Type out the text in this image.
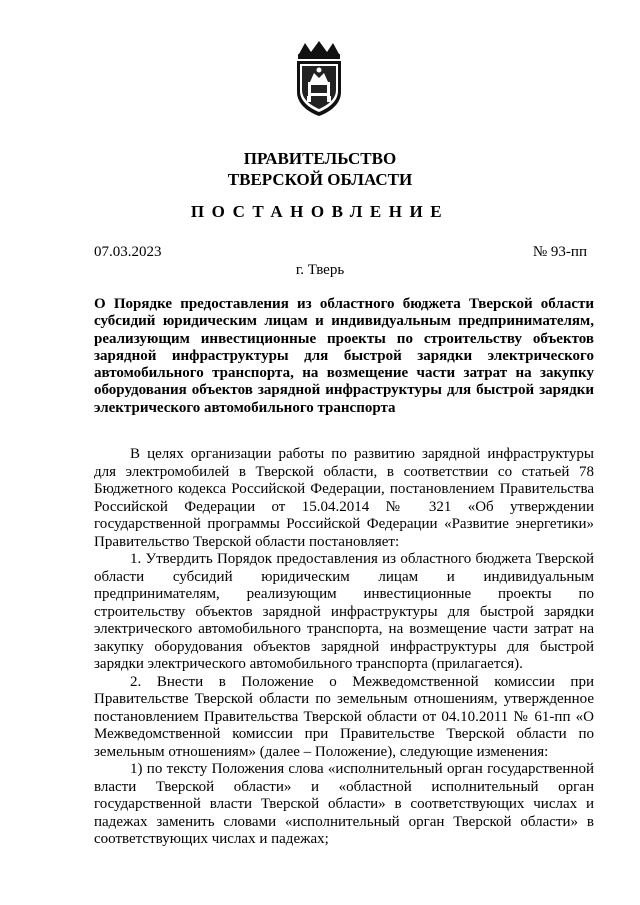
ПРАВИТЕЛЬСТВО
ТВЕРСКОЙ ОБЛАСТИ
ПОСТАНОВЛЕНИЕ
07.03.2023	№ 93-пп
г. Тверь
О Порядке предоставления из областного бюджета Тверской области субсидий юридическим лицам и индивидуальным предпринимателям, реализующим инвестиционные проекты по строительству объектов зарядной инфраструктуры для быстрой зарядки электрического автомобильного транспорта, на возмещение части затрат на закупку оборудования объектов зарядной инфраструктуры для быстрой зарядки электрического автомобильного транспорта

В целях организации работы по развитию зарядной инфраструктуры для электромобилей в Тверской области, в соответствии со статьей 78 Бюджетного кодекса Российской Федерации, постановлением Правительства Российской Федерации от 15.04.2014 № 321 «Об утверждении государственной программы Российской Федерации «Развитие энергетики» Правительство Тверской области постановляет:

1. Утвердить Порядок предоставления из областного бюджета Тверской области субсидий юридическим лицам и индивидуальным предпринимателям, реализующим инвестиционные проекты по строительству объектов зарядной инфраструктуры для быстрой зарядки электрического автомобильного транспорта, на возмещение части затрат на закупку оборудования объектов зарядной инфраструктуры для быстрой зарядки электрического автомобильного транспорта (прилагается).

2. Внести в Положение о Межведомственной комиссии при Правительстве Тверской области по земельным отношениям, утвержденное постановлением Правительства Тверской области от 04.10.2011 № 61-пп «О Межведомственной комиссии при Правительстве Тверской области по земельным отношениям» (далее – Положение), следующие изменения:

1) по тексту Положения слова «исполнительный орган государственной власти Тверской области» и «областной исполнительный орган государственной власти Тверской области» в соответствующих числах и падежах заменить словами «исполнительный орган Тверской области» в соответствующих числах и падежах;
